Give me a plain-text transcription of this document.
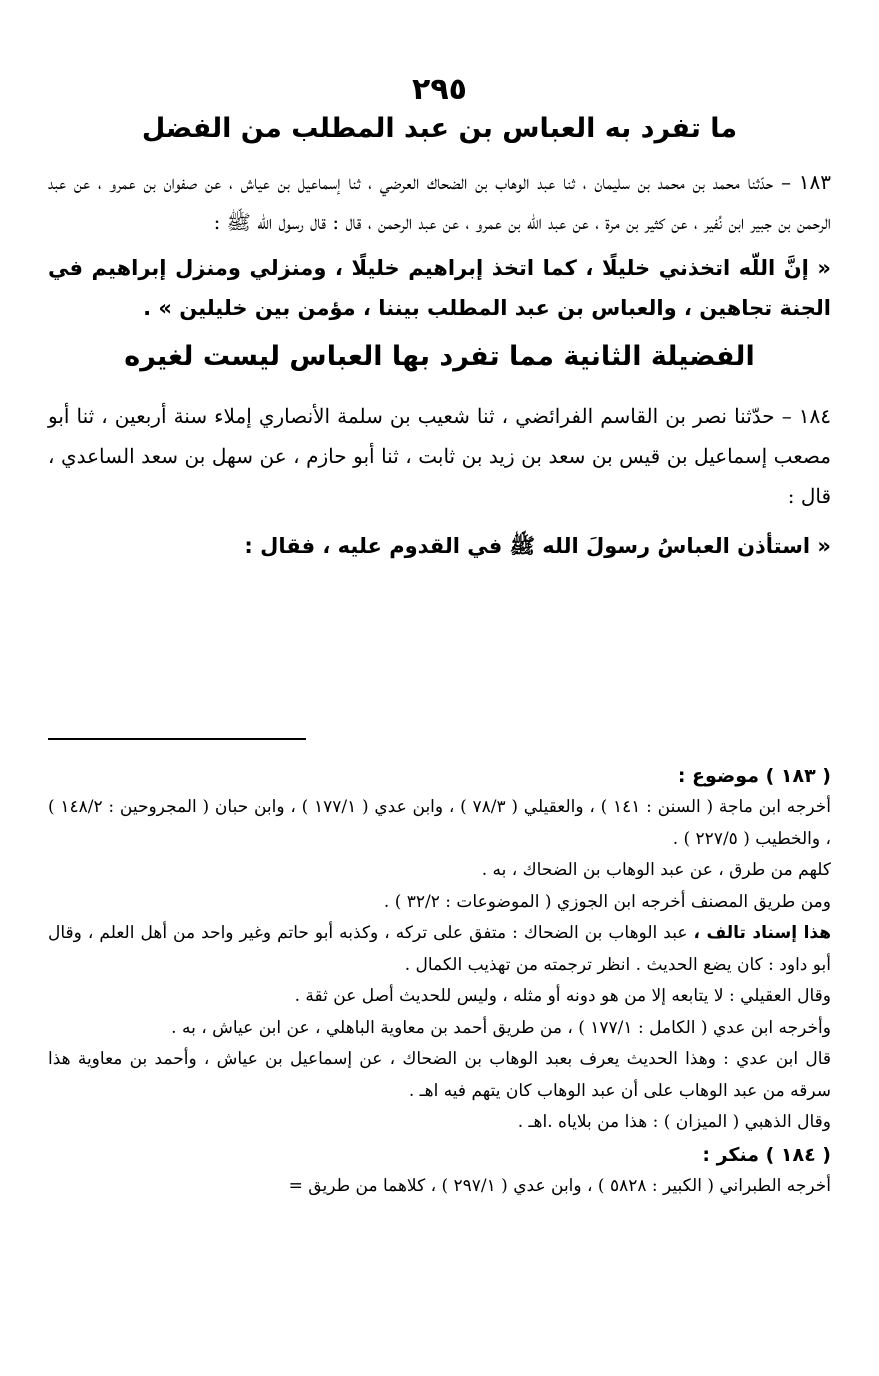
٢٩٥

ما تفرد به العباس بن عبد المطلب من الفضل

١٨٣ – حدّثنا محمد بن محمد بن سليمان ، ثنا عبد الوهاب بن الضحاك العرضي ، ثنا إسماعيل بن عياش ، عن صفوان بن عمرو ، عن عبد الرحمن بن جبير ابن نُفير ، عن كثير بن مرة ، عن عبد الله بن عمرو ، عن عبد الرحمن ، قال : قال رسول الله ﷺ :

« إنَّ اللّه اتخذني خليلًا ، كما اتخذ إبراهيم خليلًا ، ومنزلي ومنزل إبراهيم في الجنة تجاهين ، والعباس بن عبد المطلب بيننا ، مؤمن بين خليلين » .

الفضيلة الثانية مما تفرد بها العباس ليست لغيره

١٨٤ – حدّثنا نصر بن القاسم الفرائضي ، ثنا شعيب بن سلمة الأنصاري إملاء سنة أربعين ، ثنا أبو مصعب إسماعيل بن قيس بن سعد بن زيد بن ثابت ، ثنا أبو حازم ، عن سهل بن سعد الساعدي ، قال :

« استأذن العباسُ رسولَ الله ﷺ في القدوم عليه ، فقال :

( ١٨٣ ) موضوع :

أخرجه ابن ماجة ( السنن : ١٤١ ) ، والعقيلي ( ٧٨/٣ ) ، وابن عدي ( ١٧٧/١ ) ، وابن حبان ( المجروحين : ١٤٨/٢ ) ، والخطيب ( ٢٢٧/٥ ) .

كلهم من طرق ، عن عبد الوهاب بن الضحاك ، به .

ومن طريق المصنف أخرجه ابن الجوزي ( الموضوعات : ٣٢/٢ ) .

هذا إسناد تالف ، عبد الوهاب بن الضحاك : متفق على تركه ، وكذبه أبو حاتم وغير واحد من أهل العلم ، وقال أبو داود : كان يضع الحديث . انظر ترجمته من تهذيب الكمال .

وقال العقيلي : لا يتابعه إلا من هو دونه أو مثله ، وليس للحديث أصل عن ثقة .

وأخرجه ابن عدي ( الكامل : ١٧٧/١ ) ، من طريق أحمد بن معاوية الباهلي ، عن ابن عياش ، به .

قال ابن عدي : وهذا الحديث يعرف بعبد الوهاب بن الضحاك ، عن إسماعيل بن عياش ، وأحمد بن معاوية هذا سرقه من عبد الوهاب على أن عبد الوهاب كان يتهم فيه اهـ .

وقال الذهبي ( الميزان ) : هذا من بلاياه .اهـ .

( ١٨٤ ) منكر :

أخرجه الطبراني ( الكبير : ٥٨٢٨ ) ، وابن عدي ( ٢٩٧/١ ) ، كلاهما من طريق =
